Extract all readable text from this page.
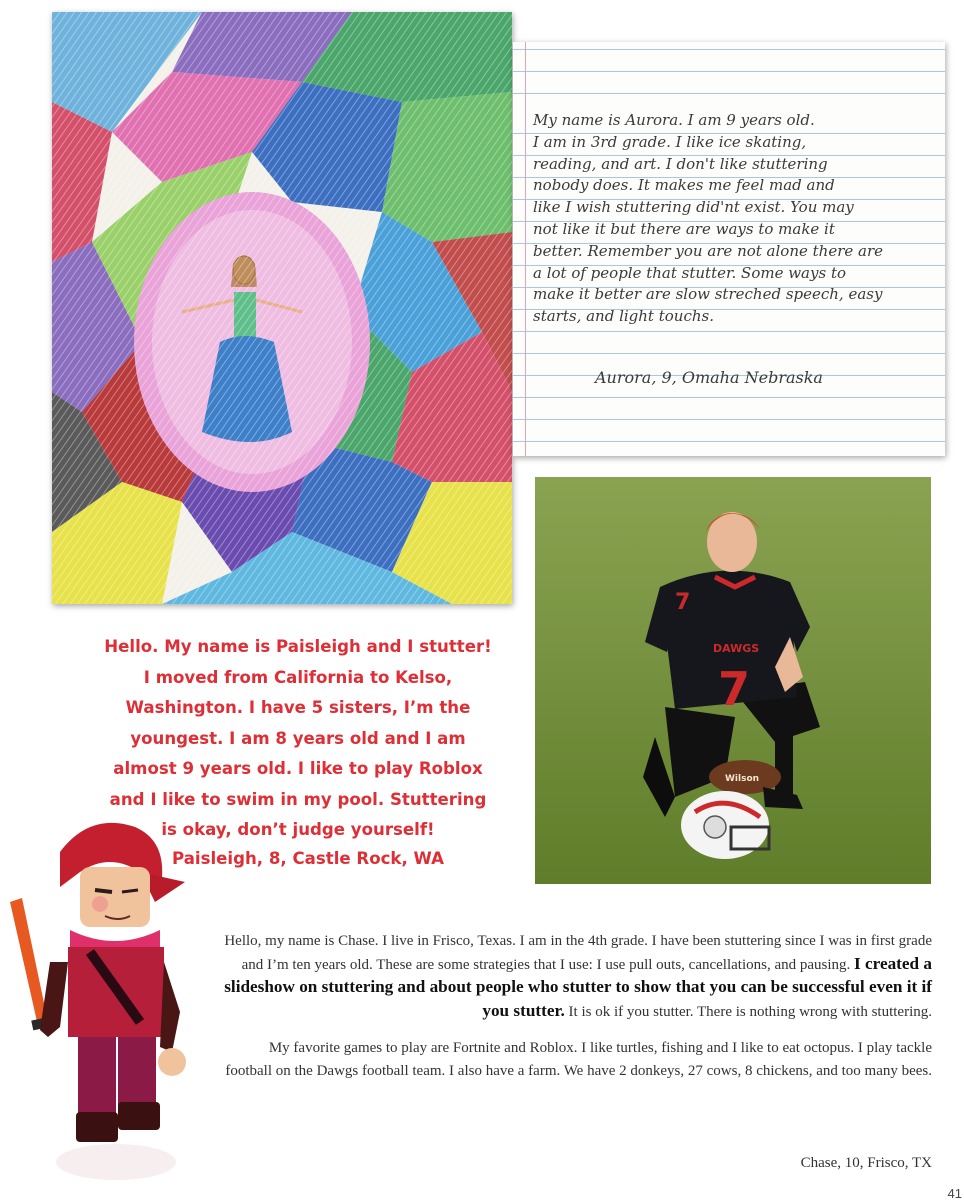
My name is Aurora. I am 9 years old.
I am in 3rd grade. I like ice skating,
reading, and art. I don't like stuttering
nobody does. It makes me feel mad and
like I wish stuttering did'nt exist. You may
not like it but there are ways to make it
better. Remember you are not alone there are
a lot of people that stutter. Some ways to
make it better are slow streched speech, easy
starts, and light touchs.
Aurora, 9, Omaha Nebraska
DAWGS
7
7
Wilson
Hello. My name is Paisleigh and I stutter!
I moved from California to Kelso,
Washington. I have 5 sisters, I’m the
youngest. I am 8 years old and I am
almost 9 years old. I like to play Roblox
and I like to swim in my pool. Stuttering
is okay, don’t judge yourself!
Paisleigh, 8, Castle Rock, WA

Hello, my name is Chase. I live in Frisco, Texas. I am in the 4th grade. I have been stuttering since I was in first grade and I’m ten years old. These are some strategies that I use: I use pull outs, cancellations, and pausing. I created a slideshow on stuttering and about people who stutter to show that you can be successful even it if you stutter. It is ok if you stutter. There is nothing wrong with stuttering.

My favorite games to play are Fortnite and Roblox. I like turtles, fishing and I like to eat octopus. I play tackle football on the Dawgs football team. I also have a farm. We have 2 donkeys, 27 cows, 8 chickens, and too many bees.

Chase, 10, Frisco, TX
41
